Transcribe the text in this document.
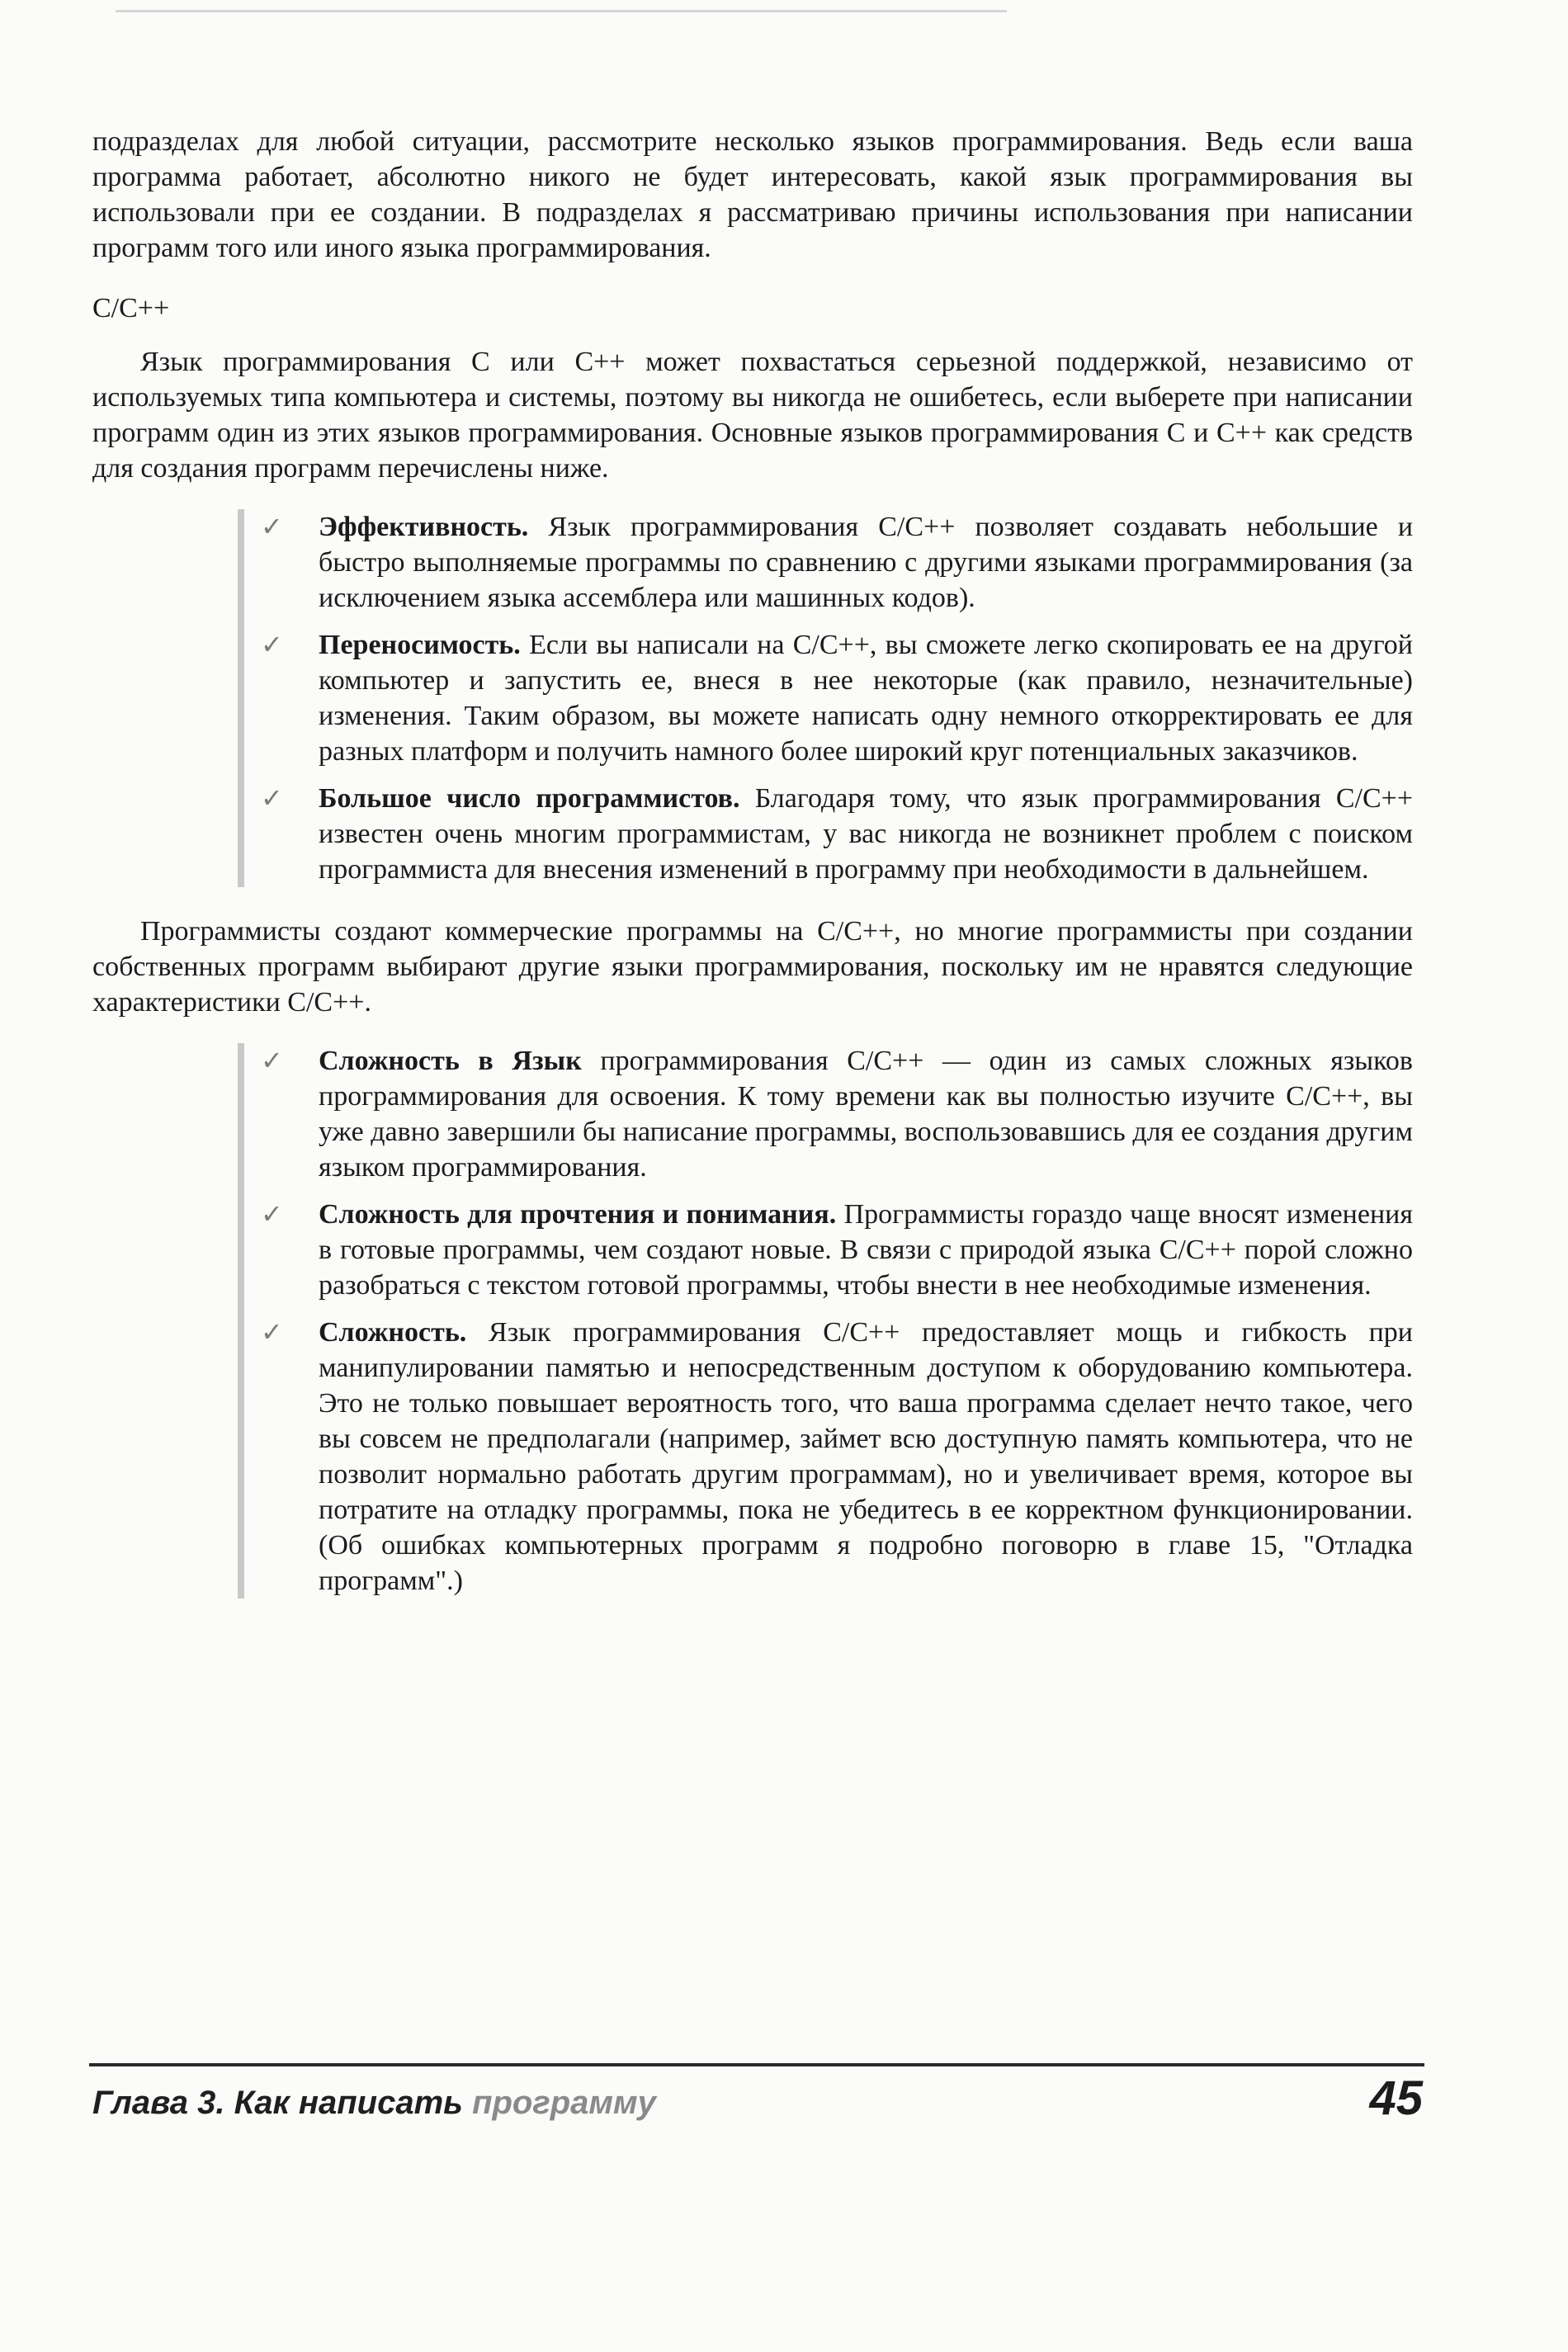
подразделах для любой ситуации, рассмотрите несколько языков программирования. Ведь если ваша программа работает, абсолютно никого не будет интересовать, какой язык программирования вы использовали при ее создании. В подразделах я рассматриваю причины использования при написании программ того или иного языка программирования.

C/C++

Язык программирования С или С++ может похвастаться серьезной поддержкой, независимо от используемых типа компьютера и системы, поэтому вы никогда не ошибетесь, если выберете при написании программ один из этих языков программирования. Основные языков программирования С и С++ как средств для создания программ перечислены ниже.

✓ Эффективность. Язык программирования C/C++ позволяет создавать небольшие и быстро выполняемые программы по сравнению с другими языками программирования (за исключением языка ассемблера или машинных кодов).

✓ Переносимость. Если вы написали на C/C++, вы сможете легко скопировать ее на другой компьютер и запустить ее, внеся в нее некоторые (как правило, незначительные) изменения. Таким образом, вы можете написать одну немного откорректировать ее для разных платформ и получить намного более широкий круг потенциальных заказчиков.

✓ Большое число программистов. Благодаря тому, что язык программирования C/C++ известен очень многим программистам, у вас никогда не возникнет проблем с поиском программиста для внесения изменений в программу при необходимости в дальнейшем.

Программисты создают коммерческие программы на C/C++, но многие программисты при создании собственных программ выбирают другие языки программирования, поскольку им не нравятся следующие характеристики C/C++.

✓ Сложность в Язык программирования C/C++ — один из самых сложных языков программирования для освоения. К тому времени как вы полностью изучите C/C++, вы уже давно завершили бы написание программы, воспользовавшись для ее создания другим языком программирования.

✓ Сложность для прочтения и понимания. Программисты гораздо чаще вносят изменения в готовые программы, чем создают новые. В связи с природой языка C/C++ порой сложно разобраться с текстом готовой программы, чтобы внести в нее необходимые изменения.

✓ Сложность. Язык программирования C/C++ предоставляет мощь и гибкость при манипулировании памятью и непосредственным доступом к оборудованию компьютера. Это не только повышает вероятность того, что ваша программа сделает нечто такое, чего вы совсем не предполагали (например, займет всю доступную память компьютера, что не позволит нормально работать другим программам), но и увеличивает время, которое вы потратите на отладку программы, пока не убедитесь в ее корректном функционировании. (Об ошибках компьютерных программ я подробно поговорю в главе 15, "Отладка программ".)

Глава 3. Как написать программу	45
